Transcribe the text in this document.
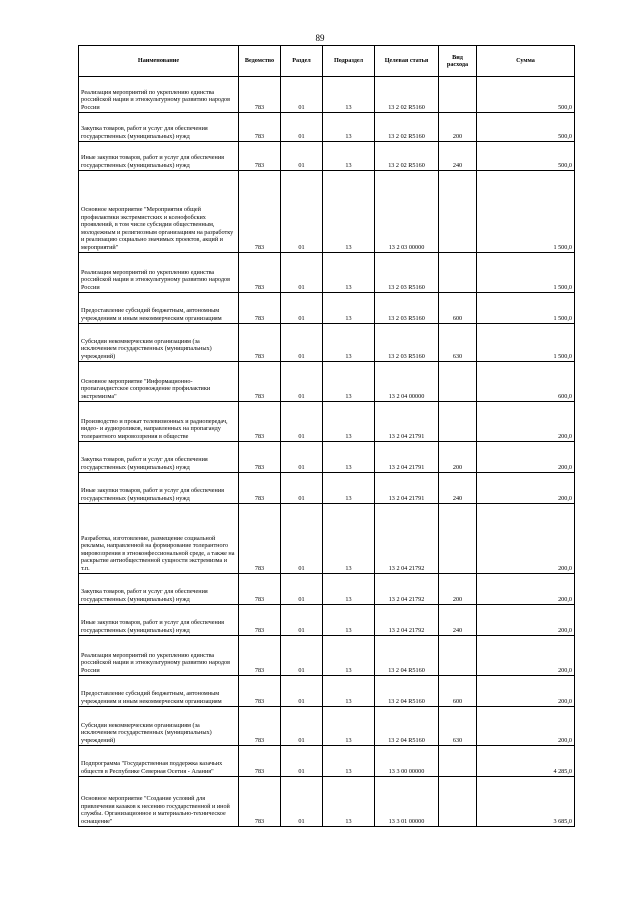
89
Наименование	Ведомство	Раздел	Подраздел	Целевая статья	Вид расхода	Сумма
Реализация мероприятий по укреплению единства российской нации и этнокультурному развитию народов России	783	01	13	13 2 02 R5160		500,0
Закупка товаров, работ и услуг для обеспечения государственных (муниципальных) нужд	783	01	13	13 2 02 R5160	200	500,0
Иные закупки товаров, работ и услуг для обеспечения государственных (муниципальных) нужд	783	01	13	13 2 02 R5160	240	500,0
Основное мероприятие "Мероприятия общей профилактики экстремистских и ксенофобских проявлений, в том числе субсидии общественным, молодежным и религиозным организациям на разработку и реализацию социально значимых проектов, акций и мероприятий"	783	01	13	13 2 03 00000		1 500,0
Реализация мероприятий по укреплению единства российской нации и этнокультурному развитию народов России	783	01	13	13 2 03 R5160		1 500,0
Предоставление субсидий бюджетным, автономным учреждениям и иным некоммерческим организациям	783	01	13	13 2 03 R5160	600	1 500,0
Субсидии некоммерческим организациям (за исключением государственных (муниципальных) учреждений)	783	01	13	13 2 03 R5160	630	1 500,0
Основное мероприятие "Информационно-пропагандистское сопровождение профилактики экстремизма"	783	01	13	13 2 04 00000		600,0
Производство и прокат телевизионных и радиопередач, видео- и аудиороликов, направленных на пропаганду толерантного мировоззрения в обществе	783	01	13	13 2 04 21791		200,0
Закупка товаров, работ и услуг для обеспечения государственных (муниципальных) нужд	783	01	13	13 2 04 21791	200	200,0
Иные закупки товаров, работ и услуг для обеспечения государственных (муниципальных) нужд	783	01	13	13 2 04 21791	240	200,0
Разработка, изготовление, размещение социальной рекламы, направленной на формирование толерантного мировоззрения в этноконфессиональной среде, а также на раскрытие антиобщественной сущности экстремизма и т.п.	783	01	13	13 2 04 21792		200,0
Закупка товаров, работ и услуг для обеспечения государственных (муниципальных) нужд	783	01	13	13 2 04 21792	200	200,0
Иные закупки товаров, работ и услуг для обеспечения государственных (муниципальных) нужд	783	01	13	13 2 04 21792	240	200,0
Реализация мероприятий по укреплению единства российской нации и этнокультурному развитию народов России	783	01	13	13 2 04 R5160		200,0
Предоставление субсидий бюджетным, автономным учреждениям и иным некоммерческим организациям	783	01	13	13 2 04 R5160	600	200,0
Субсидии некоммерческим организациям (за исключением государственных (муниципальных) учреждений)	783	01	13	13 2 04 R5160	630	200,0
Подпрограмма "Государственная поддержка казачьих обществ в Республике Северная Осетия - Алания"	783	01	13	13 3 00 00000		4 285,0
Основное мероприятие "Создание условий для привлечения казаков к несению государственной и иной службы. Организационное и материально-техническое оснащение"	783	01	13	13 3 01 00000		3 685,0
